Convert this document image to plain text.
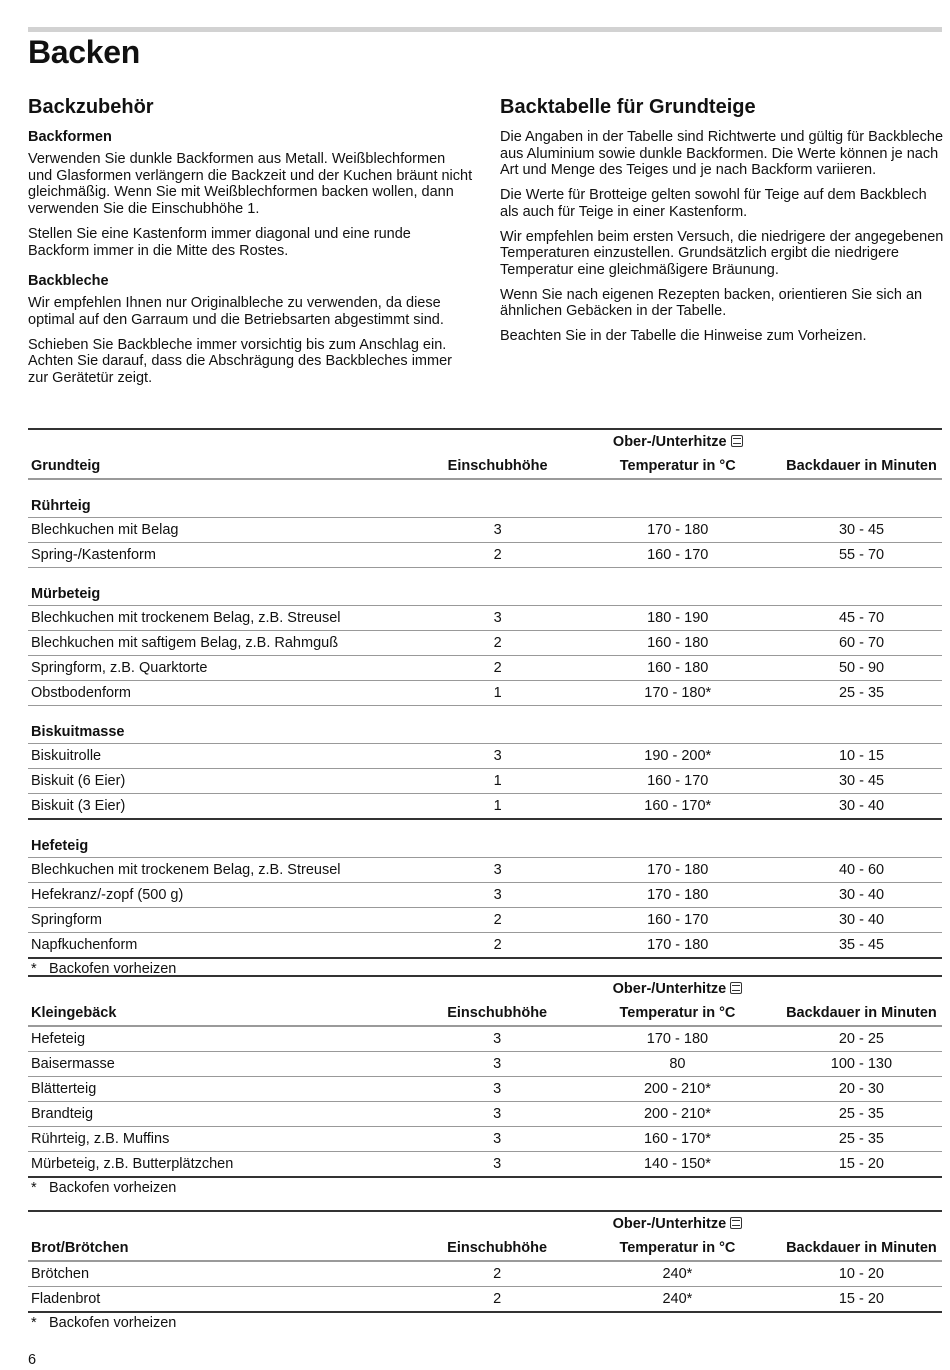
Backen
Backzubehör
Backformen

Verwenden Sie dunkle Backformen aus Metall. Weißblechformen und Glasformen verlängern die Backzeit und der Kuchen bräunt nicht gleichmäßig. Wenn Sie mit Weißblechformen backen wollen, dann verwenden Sie die Einschubhöhe 1.

Stellen Sie eine Kastenform immer diagonal und eine runde Backform immer in die Mitte des Rostes.

Backbleche

Wir empfehlen Ihnen nur Originalbleche zu verwenden, da diese optimal auf den Garraum und die Betriebsarten abgestimmt sind.

Schieben Sie Backbleche immer vorsichtig bis zum Anschlag ein. Achten Sie darauf, dass die Abschrägung des Backbleches immer zur Gerätetür zeigt.

Backtabelle für Grundteige

Die Angaben in der Tabelle sind Richtwerte und gültig für Backbleche aus Aluminium sowie dunkle Backformen. Die Werte können je nach Art und Menge des Teiges und je nach Backform variieren.

Die Werte für Brotteige gelten sowohl für Teige auf dem Backblech als auch für Teige in einer Kastenform.

Wir empfehlen beim ersten Versuch, die niedrigere der angegebenen Temperaturen einzustellen. Grundsätzlich ergibt die niedrigere Temperatur eine gleichmäßigere Bräunung.

Wenn Sie nach eigenen Rezepten backen, orientieren Sie sich an ähnlichen Gebäcken in der Tabelle.

Beachten Sie in der Tabelle die Hinweise zum Vorheizen.

		Ober-/Unterhitze	
Grundteig	Einschubhöhe	Temperatur in °C	Backdauer in Minuten
Rührteig			
Blechkuchen mit Belag	3	170 - 180	30 - 45
Spring-/Kastenform	2	160 - 170	55 - 70
Mürbeteig			
Blechkuchen mit trockenem Belag, z.B. Streusel	3	180 - 190	45 - 70
Blechkuchen mit saftigem Belag, z.B. Rahmguß	2	160 - 180	60 - 70
Springform, z.B. Quarktorte	2	160 - 180	50 - 90
Obstbodenform	1	170 - 180*	25 - 35
Biskuitmasse			
Biskuitrolle	3	190 - 200*	10 - 15
Biskuit (6 Eier)	1	160 - 170	30 - 45
Biskuit (3 Eier)	1	160 - 170*	30 - 40
Hefeteig			
Blechkuchen mit trockenem Belag, z.B. Streusel	3	170 - 180	40 - 60
Hefekranz/-zopf (500 g)	3	170 - 180	30 - 40
Springform	2	160 - 170	30 - 40
Napfkuchenform	2	170 - 180	35 - 45
* Backofen vorheizen			
		Ober-/Unterhitze	
Kleingebäck	Einschubhöhe	Temperatur in °C	Backdauer in Minuten
Hefeteig	3	170 - 180	20 - 25
Baisermasse	3	80	100 - 130
Blätterteig	3	200 - 210*	20 - 30
Brandteig	3	200 - 210*	25 - 35
Rührteig, z.B. Muffins	3	160 - 170*	25 - 35
Mürbeteig, z.B. Butterplätzchen	3	140 - 150*	15 - 20
* Backofen vorheizen			
		Ober-/Unterhitze	
Brot/Brötchen	Einschubhöhe	Temperatur in °C	Backdauer in Minuten
Brötchen	2	240*	10 - 20
Fladenbrot	2	240*	15 - 20
* Backofen vorheizen			
6
